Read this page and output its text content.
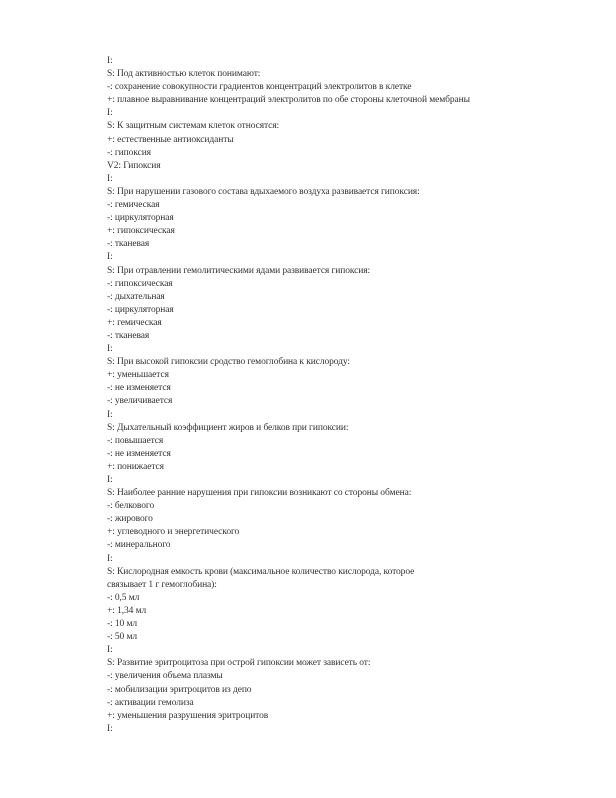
I:
S: Под активностью клеток понимают:
-: сохранение совокупности градиентов концентраций электролитов в клетке
+: плавное выравнивание концентраций электролитов по обе стороны клеточной мембраны
I:
S: К защитным системам клеток относятся:
+: естественные антиоксиданты
-: гипоксия
V2: Гипоксия
I:
S: При нарушении газового состава вдыхаемого воздуха развивается гипоксия:
-: гемическая
-: циркуляторная
+: гипоксическая
-: тканевая
I:
S: При отравлении гемолитическими ядами развивается гипоксия:
-: гипоксическая
-: дыхательная
-: циркуляторная
+: гемическая
-: тканевая
I:
S: При высокой гипоксии сродство гемоглобина к кислороду:
+: уменьшается
-: не изменяется
-: увеличивается
I:
S: Дыхательный коэффициент жиров и белков при гипоксии:
-: повышается
-: не изменяется
+: понижается
I:
S: Наиболее ранние нарушения при гипоксии возникают со стороны обмена:
-: белкового
-: жирового
+: углеводного и энергетического
-: минерального
I:
S: Кислородная емкость крови (максимальное количество кислорода, которое
связывает 1 г гемоглобина):
-: 0,5 мл
+: 1,34 мл
-: 10 мл
-: 50 мл
I:
S: Развитие эритроцитоза при острой гипоксии может зависеть от:
-: увеличения объема плазмы
-: мобилизации эритроцитов из депо
-: активации гемолиза
+: уменьшения разрушения эритроцитов
I:
